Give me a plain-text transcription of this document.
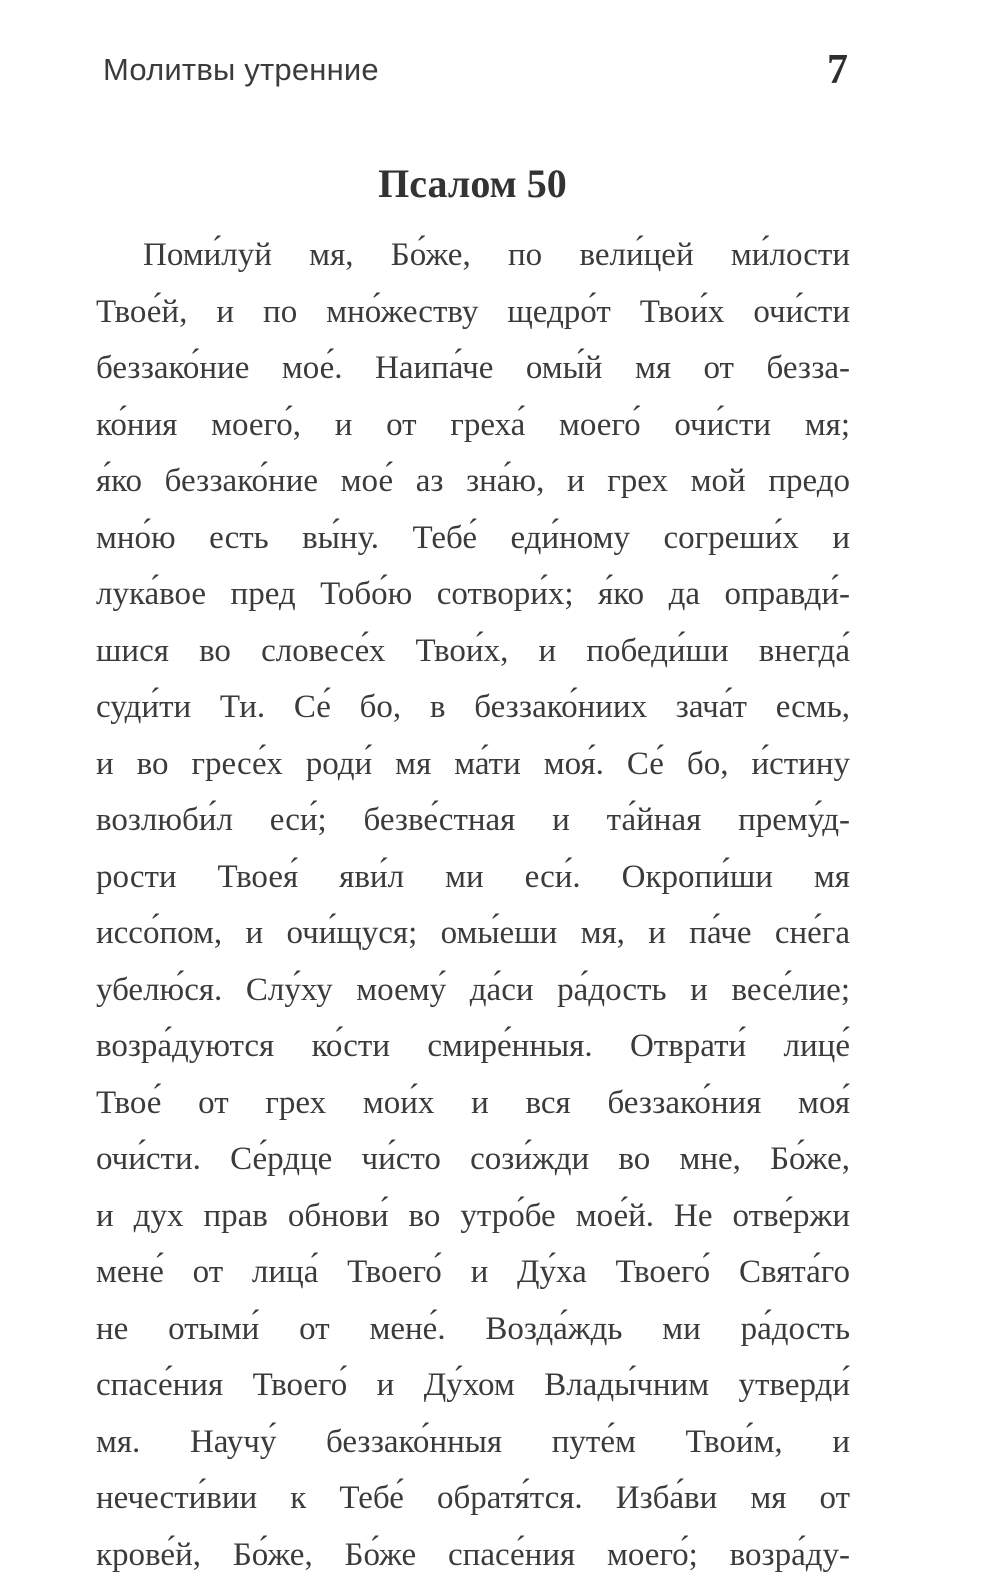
Молитвы утренние	7
Псалом 50
Поми́луй мя, Бо́же, по вели́цей ми́лости
Твое́й, и по мно́жеству щедро́т Твои́х очи́сти
беззако́ние мое́. Наипа́че омы́й мя от безза-
ко́ния моего́, и от греха́ моего́ очи́сти мя;
я́ко беззако́ние мое́ аз зна́ю, и грех мой предо
мно́ю есть вы́ну. Тебе́ еди́ному согреши́х и
лука́вое пред Тобо́ю сотвори́х; я́ко да оправди́-
шися во словесе́х Твои́х, и победи́ши внегда́
суди́ти Ти. Се́ бо, в беззако́ниих зача́т есмь,
и во гресе́х роди́ мя ма́ти моя́. Се́ бо, и́стину
возлюби́л еси́; безве́стная и та́йная прему́д-
рости Твоея́ яви́л ми еси́. Окропи́ши мя
иссо́пом, и очи́щуся; омы́еши мя, и па́че сне́га
убелю́ся. Слу́ху моему́ да́си ра́дость и весе́лие;
возра́дуются ко́сти смире́нныя. Отврати́ лице́
Твое́ от грех мои́х и вся беззако́ния моя́
очи́сти. Се́рдце чи́сто сози́жди во мне, Бо́же,
и дух прав обнови́ во утро́бе мое́й. Не отве́ржи
мене́ от лица́ Твоего́ и Ду́ха Твоего́ Свята́го
не отыми́ от мене́. Возда́ждь ми ра́дость
спасе́ния Твоего́ и Ду́хом Влады́чним утверди́
мя. Научу́ беззако́нныя путе́м Твои́м, и
нечести́вии к Тебе́ обратя́тся. Изба́ви мя от
крове́й, Бо́же, Бо́же спасе́ния моего́; возра́ду-
